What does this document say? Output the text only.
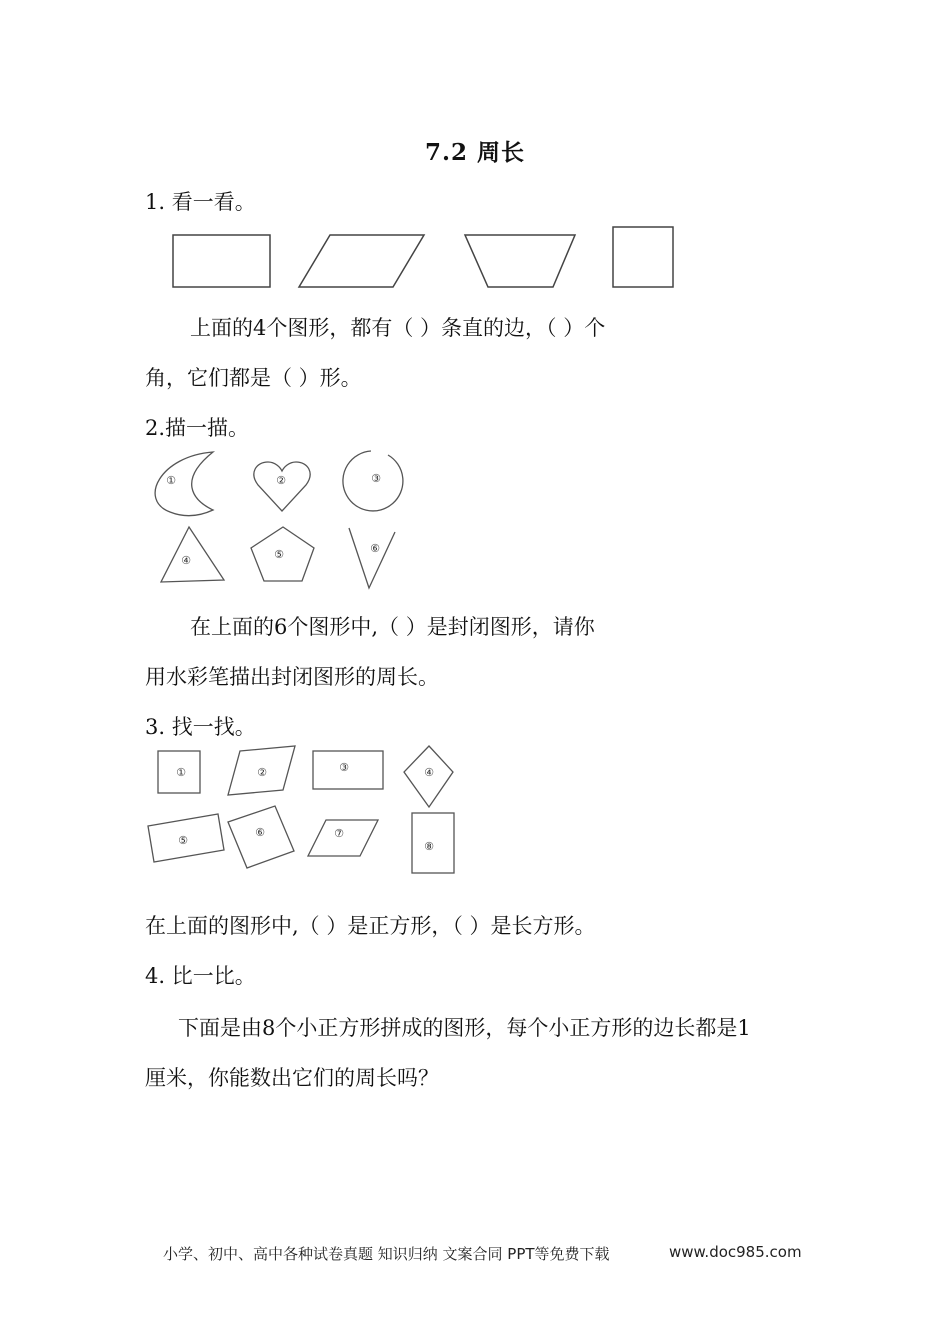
7.2 周长
1. 看一看。
上面的4个图形，都有（ ）条直的边，（ ）个
角，它们都是（ ）形。
2.描一描。
①	②	③
④	⑤	⑥
在上面的6个图形中,（ ）是封闭图形，请你
用水彩笔描出封闭图形的周长。
3. 找一找。
①	②	③	④
⑤
⑥	⑦
⑧
在上面的图形中,（ ）是正方形，（ ）是长方形。
4. 比一比。
下面是由8个小正方形拼成的图形，每个小正方形的边长都是1
厘米，你能数出它们的周长吗？
小学、初中、高中各种试卷真题 知识归纳 文案合同 PPT等免费下载	www.doc985.com
